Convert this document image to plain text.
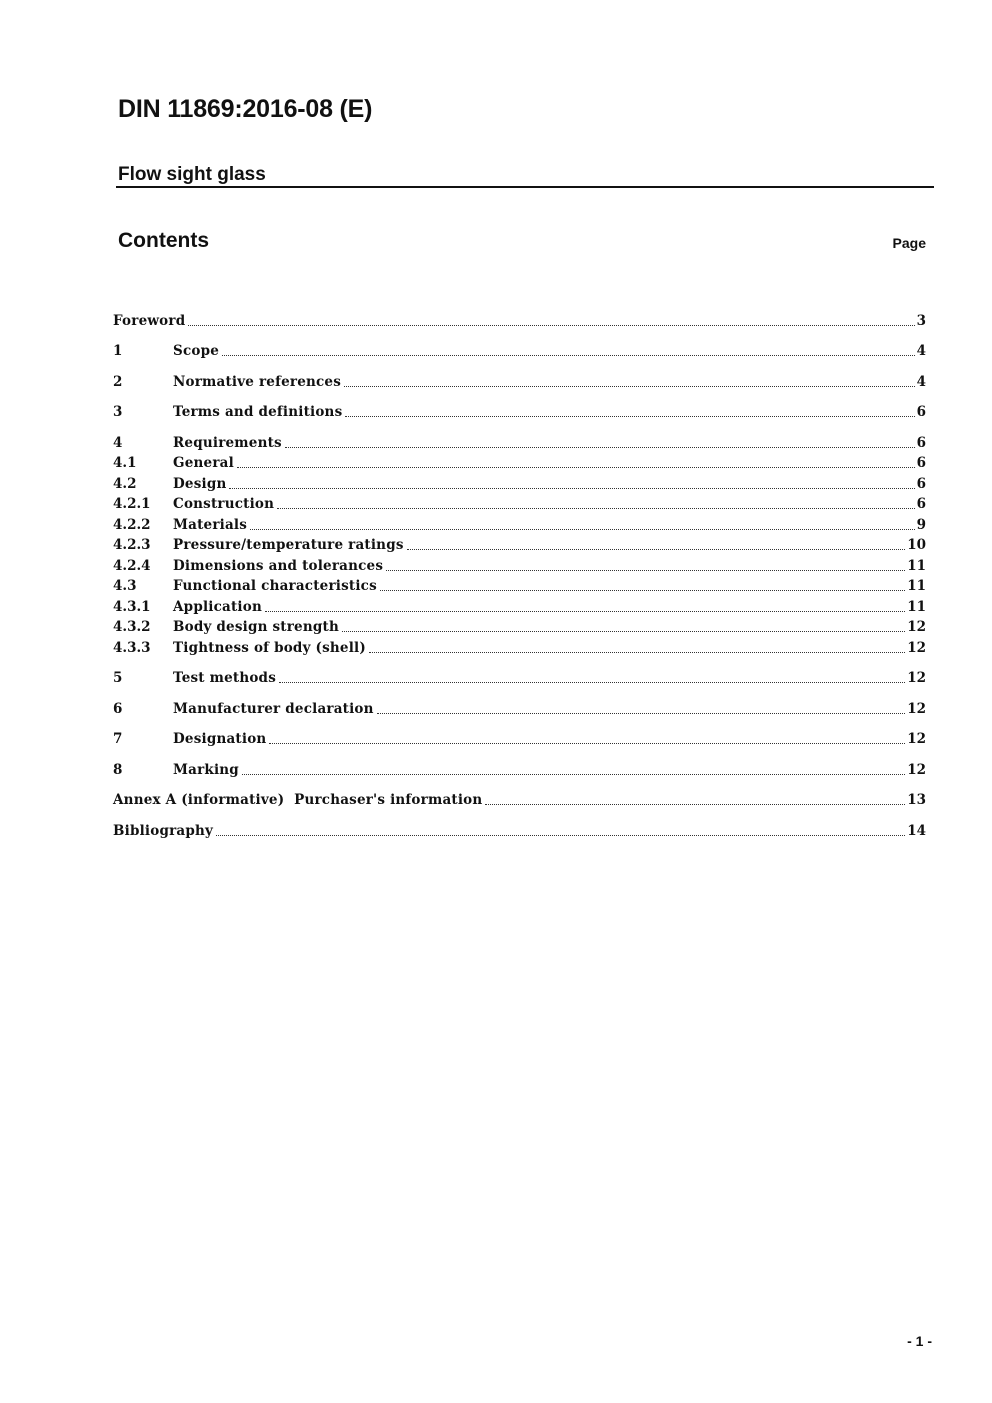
DIN 11869:2016-08 (E)
Flow sight glass
Contents	Page
Foreword	3
1	Scope	4
2	Normative references	4
3	Terms and definitions	6
4	Requirements	6
4.1	General	6
4.2	Design	6
4.2.1	Construction	6
4.2.2	Materials	9
4.2.3	Pressure/temperature ratings	10
4.2.4	Dimensions and tolerances	11
4.3	Functional characteristics	11
4.3.1	Application	11
4.3.2	Body design strength	12
4.3.3	Tightness of body (shell)	12
5	Test methods	12
6	Manufacturer declaration	12
7	Designation	12
8	Marking	12
Annex A (informative)  Purchaser's information	13
Bibliography	14
- 1 -
